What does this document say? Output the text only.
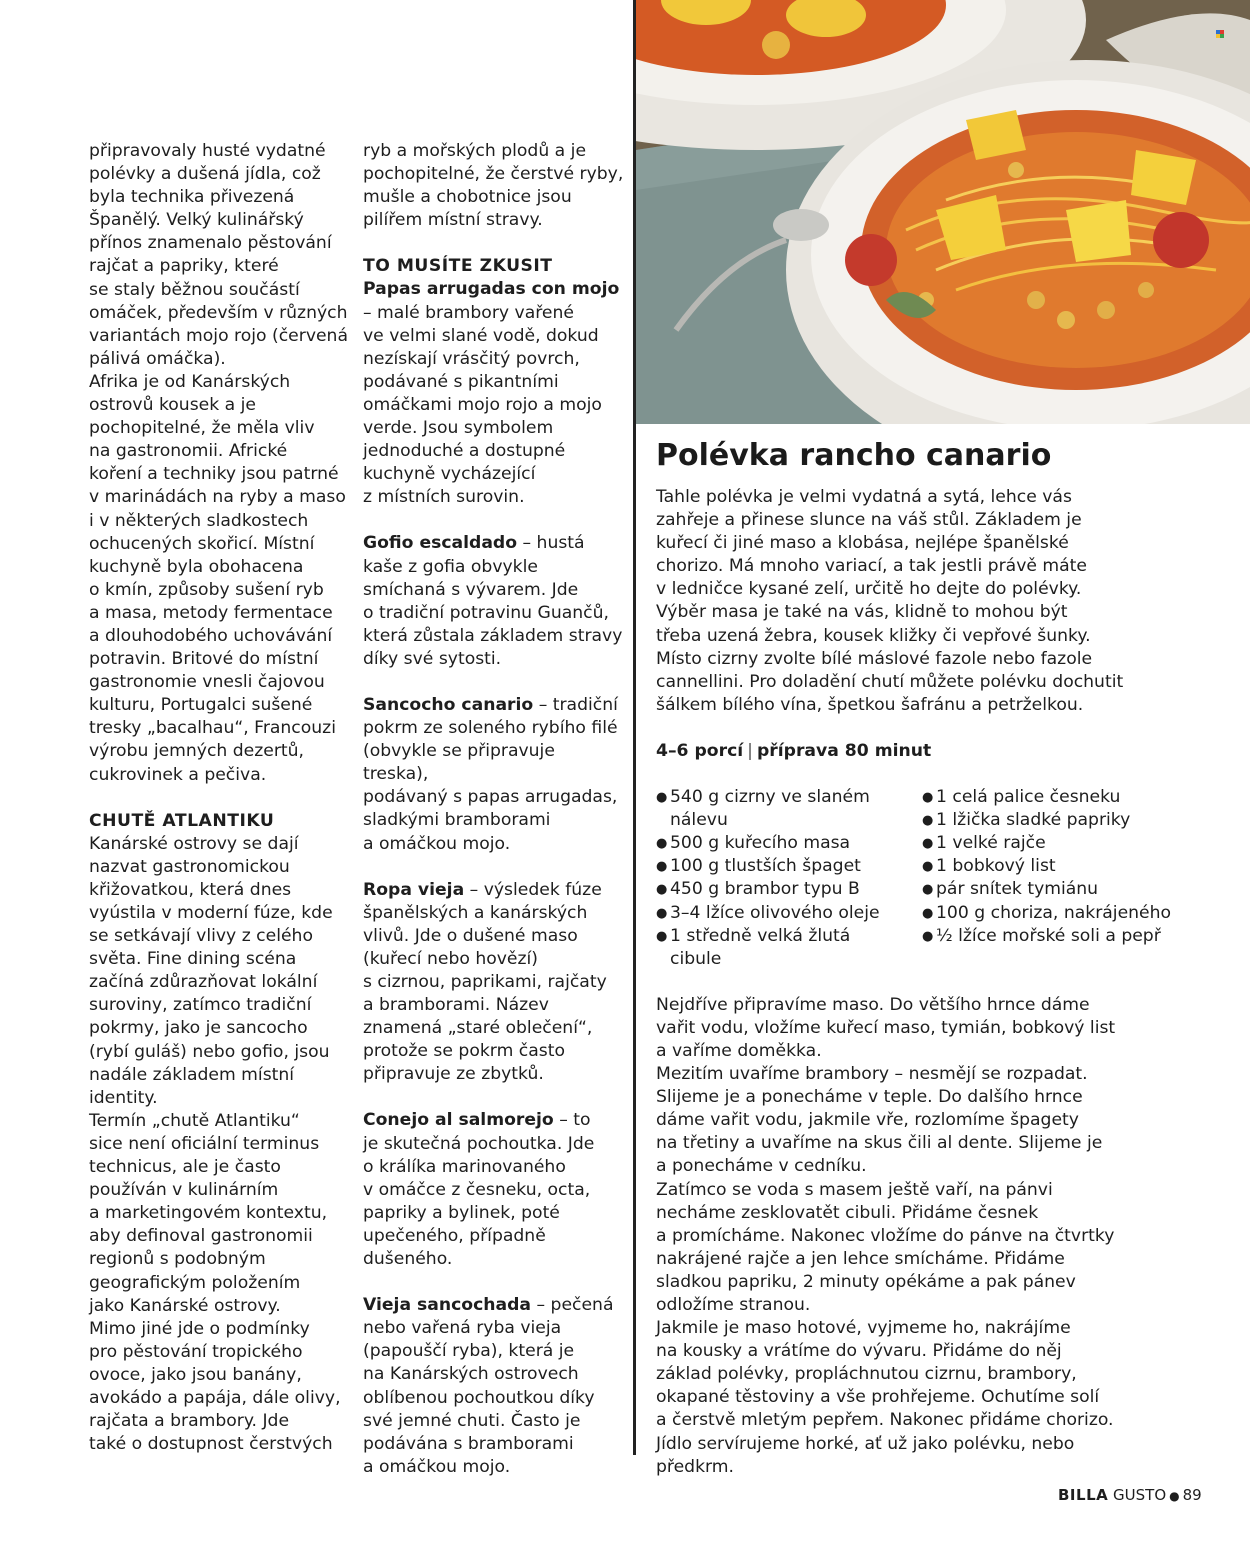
připravovaly husté vydatné
polévky a dušená jídla, což
byla technika přivezená
Španělý. Velký kulinářský
přínos znamenalo pěstování
rajčat a papriky, které
se staly běžnou součástí
omáček, především v různých
variantách mojo rojo (červená
pálivá omáčka).
Afrika je od Kanárských
ostrovů kousek a je
pochopitelné, že měla vliv
na gastronomii. Africké
koření a techniky jsou patrné
v marinádách na ryby a maso
i v některých sladkostech
ochucených skořicí. Místní
kuchyně byla obohacena
o kmín, způsoby sušení ryb
a masa, metody fermentace
a dlouhodobého uchovávání
potravin. Britové do místní
gastronomie vnesli čajovou
kulturu, Portugalci sušené
tresky „bacalhau“, Francouzi
výrobu jemných dezertů,
cukrovinek a pečiva.

CHUTĚ ATLANTIKU

Kanárské ostrovy se dají
nazvat gastronomickou
křižovatkou, která dnes
vyústila v moderní fúze, kde
se setkávají vlivy z celého
světa. Fine dining scéna
začíná zdůrazňovat lokální
suroviny, zatímco tradiční
pokrmy, jako je sancocho
(rybí guláš) nebo gofio, jsou
nadále základem místní
identity.
Termín „chutě Atlantiku“
sice není oficiální terminus
technicus, ale je často
používán v kulinárním
a marketingovém kontextu,
aby definoval gastronomii
regionů s podobným
geografickým položením
jako Kanárské ostrovy.
Mimo jiné jde o podmínky
pro pěstování tropického
ovoce, jako jsou banány,
avokádo a papája, dále olivy,
rajčata a brambory. Jde
také o dostupnost čerstvých

ryb a mořských plodů a je
pochopitelné, že čerstvé ryby,
mušle a chobotnice jsou
pilířem místní stravy.

TO MUSÍTE ZKUSIT

Papas arrugadas con mojo
– malé brambory vařené
ve velmi slané vodě, dokud
nezískají vrásčitý povrch,
podávané s pikantními
omáčkami mojo rojo a mojo
verde. Jsou symbolem
jednoduché a dostupné
kuchyně vycházející
z místních surovin.

Gofio escaldado – hustá
kaše z gofia obvykle
smíchaná s vývarem. Jde
o tradiční potravinu Guančů,
která zůstala základem stravy
díky své sytosti.

Sancocho canario – tradiční
pokrm ze soleného rybího filé
(obvykle se připravuje treska),
podávaný s papas arrugadas,
sladkými bramborami
a omáčkou mojo.

Ropa vieja – výsledek fúze
španělských a kanárských
vlivů. Jde o dušené maso
(kuřecí nebo hovězí)
s cizrnou, paprikami, rajčaty
a bramborami. Název
znamená „staré oblečení“,
protože se pokrm často
připravuje ze zbytků.

Conejo al salmorejo – to
je skutečná pochoutka. Jde
o králíka marinovaného
v omáčce z česneku, octa,
papriky a bylinek, poté
upečeného, případně
dušeného.

Vieja sancochada – pečená
nebo vařená ryba vieja
(papouščí ryba), která je
na Kanárských ostrovech
oblíbenou pochoutkou díky
své jemné chuti. Často je
podávána s bramborami
a omáčkou mojo.

Polévka rancho canario

Tahle polévka je velmi vydatná a sytá, lehce vás
zahřeje a přinese slunce na váš stůl. Základem je
kuřecí či jiné maso a klobása, nejlépe španělské
chorizo. Má mnoho variací, a tak jestli právě máte
v ledničce kysané zelí, určitě ho dejte do polévky.
Výběr masa je také na vás, klidně to mohou být
třeba uzená žebra, kousek kližky či vepřové šunky.
Místo cizrny zvolte bílé máslové fazole nebo fazole
cannellini. Pro doladění chutí můžete polévku dochutit
šálkem bílého vína, špetkou šafránu a petrželkou.

4–6 porcí | příprava 80 minut

● 540 g cizrny ve slaném
nálevu
● 500 g kuřecího masa
● 100 g tlustších špaget
● 450 g brambor typu B
● 3–4 lžíce olivového oleje
● 1 středně velká žlutá cibule
● 1 celá palice česneku
● 1 lžička sladké papriky
● 1 velké rajče
● 1 bobkový list
● pár snítek tymiánu
● 100 g choriza, nakrájeného
● ½ lžíce mořské soli a pepř

Nejdříve připravíme maso. Do většího hrnce dáme
vařit vodu, vložíme kuřecí maso, tymián, bobkový list
a vaříme doměkka.
Mezitím uvaříme brambory – nesmějí se rozpadat.
Slijeme je a ponecháme v teple. Do dalšího hrnce
dáme vařit vodu, jakmile vře, rozlomíme špagety
na třetiny a uvaříme na skus čili al dente. Slijeme je
a ponecháme v cedníku.
Zatímco se voda s masem ještě vaří, na pánvi
necháme zesklovatět cibuli. Přidáme česnek
a promícháme. Nakonec vložíme do pánve na čtvrtky
nakrájené rajče a jen lehce smícháme. Přidáme
sladkou papriku, 2 minuty opékáme a pak pánev
odložíme stranou.
Jakmile je maso hotové, vyjmeme ho, nakrájíme
na kousky a vrátíme do vývaru. Přidáme do něj
základ polévky, propláchnutou cizrnu, brambory,
okapané těstoviny a vše prohřejeme. Ochutíme solí
a čerstvě mletým pepřem. Nakonec přidáme chorizo.
Jídlo servírujeme horké, ať už jako polévku, nebo
předkrm.

BILLA GUSTO ● 89
